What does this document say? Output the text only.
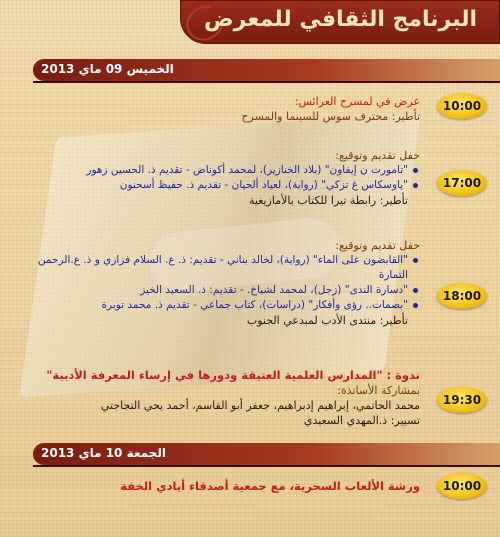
البرنامج الثقافي للمعرض
الخميس 09 ماي 2013
10:00
عرض في لمسرح العرائس:
تأطير: محترف سوس للسينما والمسرح
17:00
حفل تقديم وتوقيع:
"تامورت ن إيفاون" (بلاد الخنازير)، لمحمد أكوناض - تقديم ذ. الحسين زهور
"ياوسكاس غ تزكي" (رواية)، لعياد ألحيان - تقديم ذ. حفيظ أسحنون
تأطير: رابطة تيرا للكتاب بالأمازيغية
18:00
حفل تقديم وتوقيع:
"القابضون على الماء" (رواية)، لخالد بناني - تقديم: ذ. ع. السلام فزازي و ذ. ع.الرحمن
التمارة
"دسارة الندى" (زجل)، لمحمد لشياخ. - تقديم: ذ. السعيد الخيز
"بصمات.. رؤى وأفكار" (دراسات)، كتاب جماعي - تقديم ذ. محمد توبرة
تأطير: منتدى الأدب لمبدعي الجنوب
19:30
ندوة : "المدارس العلمية العتيقة ودورها في إرساء المعرفة الأدبية"
بمشاركة الأساتذة:
محمد الحاتمي، إبراهيم إدبراهيم، جعفر أبو القاسم، أحمد يحي التجاجتي
تسيير: ذ.المهدي السعيدي
الجمعة 10 ماي 2013
10:00
ورشة الألعاب السحرية، مع جمعية أصدقاء أيادي الخفة
